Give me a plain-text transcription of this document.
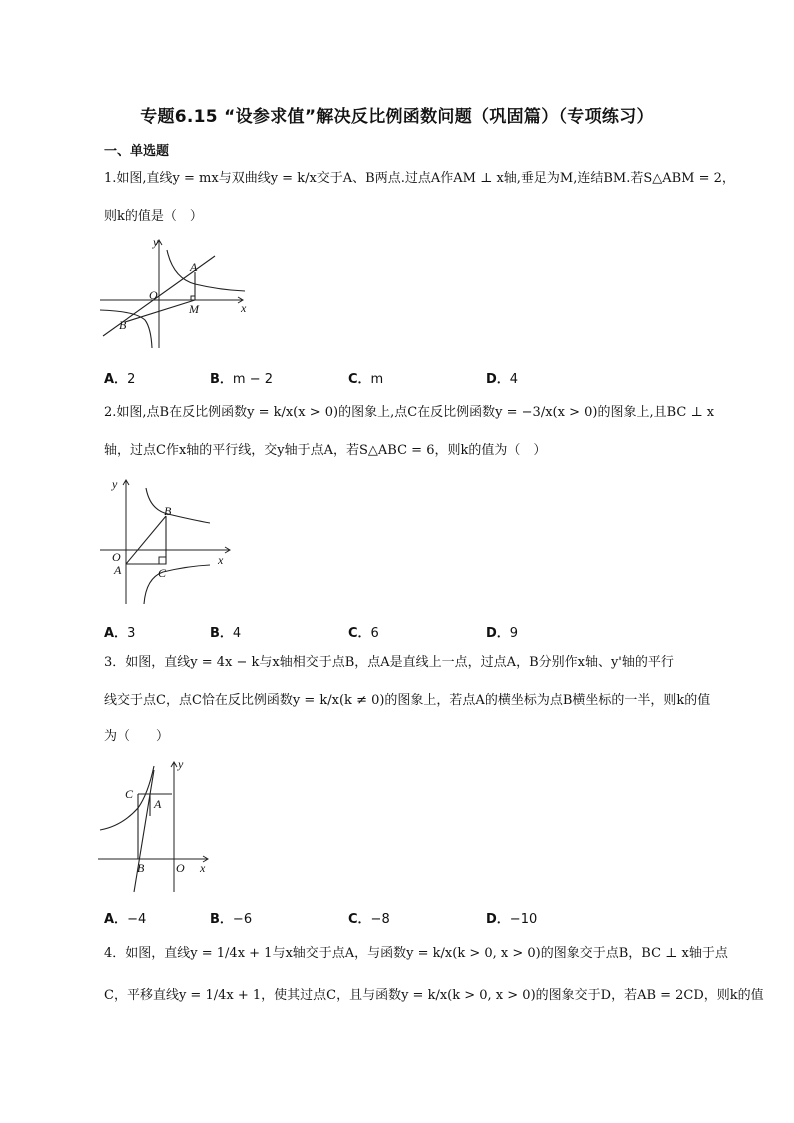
专题6.15 “设参求值”解决反比例函数问题（巩固篇）（专项练习）
一、单选题
1.如图,直线y = mx与双曲线y = k/x交于A、B两点.过点A作AM ⊥ x轴,垂足为M,连结BM.若S△ABM = 2，
则k的值是（　）
y
x
O
A
B
M
A．2	B．m − 2	C．m	D．4
2.如图,点B在反比例函数y = k/x(x > 0)的图象上,点C在反比例函数y = −3/x(x > 0)的图象上,且BC ⊥ x
轴，过点C作x轴的平行线，交y轴于点A，若S△ABC = 6，则k的值为（　）
y
x
O
A
B
C
A．3	B．4	C．6	D．9
3．如图，直线y = 4x − k与x轴相交于点B，点A是直线上一点，过点A，B分别作x轴、y'轴的平行
线交于点C，点C恰在反比例函数y = k/x(k ≠ 0)的图象上，若点A的横坐标为点B横坐标的一半，则k的值
为（　　）
y
x
O
A
B
C
A．−4	B．−6	C．−8	D．−10
4．如图，直线y = 1/4x + 1与x轴交于点A，与函数y = k/x(k > 0, x > 0)的图象交于点B，BC ⊥ x轴于点
C，平移直线y = 1/4x + 1，使其过点C，且与函数y = k/x(k > 0, x > 0)的图象交于D，若AB = 2CD，则k的值
